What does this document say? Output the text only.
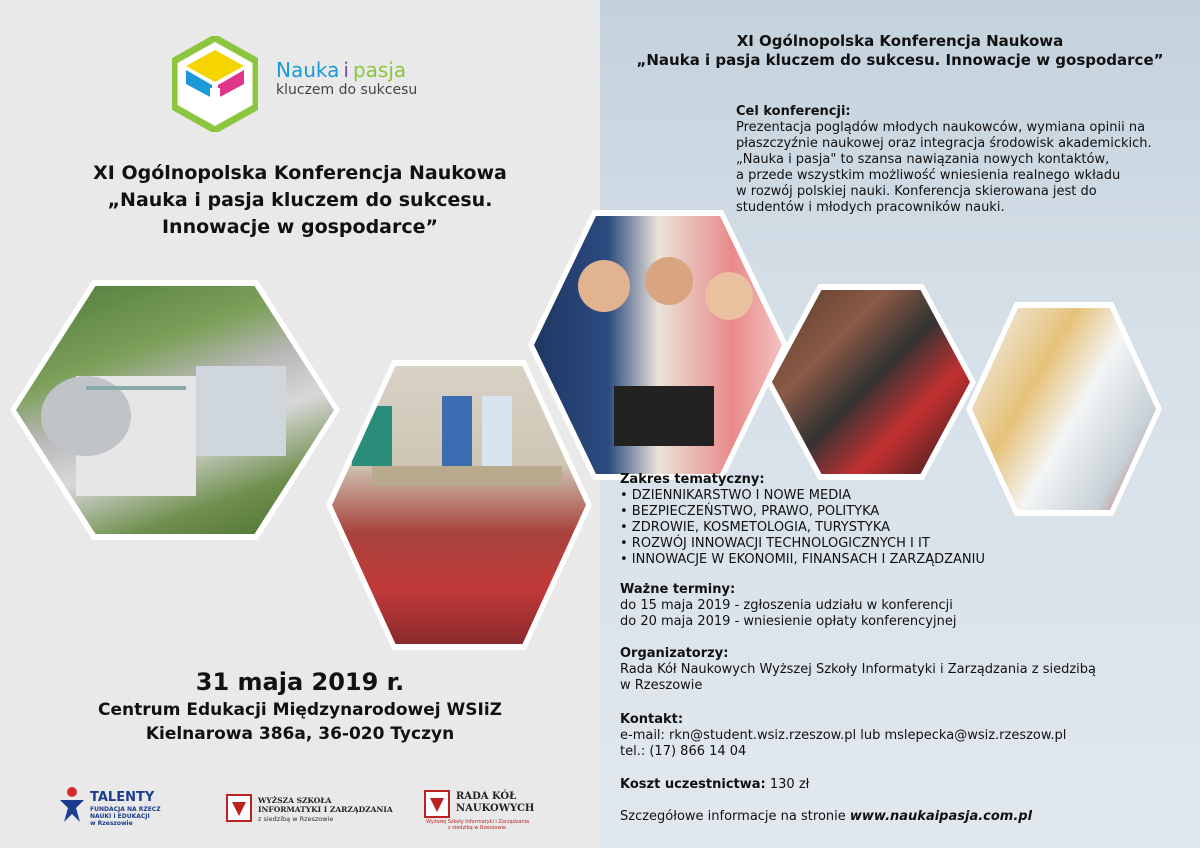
Nauka i pasja
kluczem do sukcesu
XI Ogólnopolska Konferencja Naukowa
„Nauka i pasja kluczem do sukcesu.
Innowacje w gospodarce”
31 maja 2019 r.
Centrum Edukacji Międzynarodowej WSIiZ
Kielnarowa 386a, 36-020 Tyczyn
TALENTY
FUNDACJA NA RZECZ
NAUKI I EDUKACJI
w Rzeszowie
WYŻSZA SZKOŁA
INFORMATYKI I ZARZĄDZANIA
z siedzibą w Rzeszowie
RADA KÓŁ
NAUKOWYCH
Wyższej Szkoły Informatyki i Zarządzania
z siedzibą w Rzeszowie
XI Ogólnopolska Konferencja Naukowa
„Nauka i pasja kluczem do sukcesu. Innowacje w gospodarce”
Cel konferencji:
Prezentacja poglądów młodych naukowców, wymiana opinii na
płaszczyźnie naukowej oraz integracja środowisk akademickich.
„Nauka i pasja" to szansa nawiązania nowych kontaktów,
a przede wszystkim możliwość wniesienia realnego wkładu
w rozwój polskiej nauki. Konferencja skierowana jest do
studentów i młodych pracowników nauki.
Zakres tematyczny:
• DZIENNIKARSTWO I NOWE MEDIA
• BEZPIECZEŃSTWO, PRAWO, POLITYKA
• ZDROWIE, KOSMETOLOGIA, TURYSTYKA
• ROZWÓJ INNOWACJI TECHNOLOGICZNYCH I IT
• INNOWACJE W EKONOMII, FINANSACH I ZARZĄDZANIU
Ważne terminy:
do 15 maja 2019 - zgłoszenia udziału w konferencji
do 20 maja 2019 - wniesienie opłaty konferencyjnej
Organizatorzy:
Rada Kół Naukowych Wyższej Szkoły Informatyki i Zarządzania z siedzibą
w Rzeszowie
Kontakt:
e-mail: rkn@student.wsiz.rzeszow.pl lub mslepecka@wsiz.rzeszow.pl
tel.: (17) 866 14 04
Koszt uczestnictwa: 130 zł
Szczegółowe informacje na stronie www.naukaipasja.com.pl
